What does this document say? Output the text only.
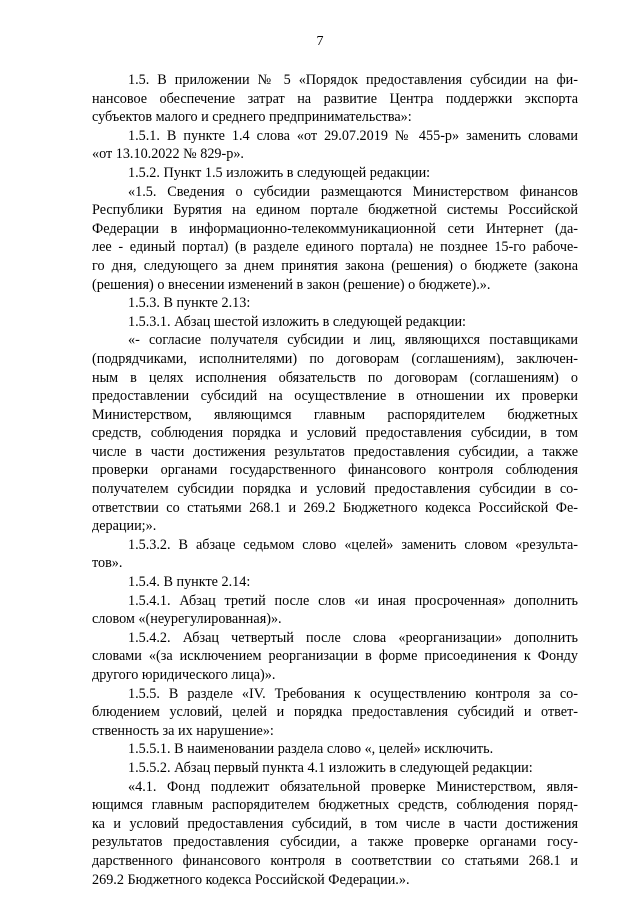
7
1.5. В приложении № 5 «Порядок предоставления субсидии на фи-
нансовое обеспечение затрат на развитие Центра поддержки экспорта
субъектов малого и среднего предпринимательства»:
1.5.1. В пункте 1.4 слова «от 29.07.2019 № 455-р» заменить словами
«от 13.10.2022 № 829-р».
1.5.2. Пункт 1.5 изложить в следующей редакции:
«1.5. Сведения о субсидии размещаются Министерством финансов
Республики Бурятия на едином портале бюджетной системы Российской
Федерации в информационно-телекоммуникационной сети Интернет (да-
лее - единый портал) (в разделе единого портала) не позднее 15-го рабоче-
го дня, следующего за днем принятия закона (решения) о бюджете (закона
(решения) о внесении изменений в закон (решение) о бюджете).».
1.5.3. В пункте 2.13:
1.5.3.1. Абзац шестой изложить в следующей редакции:
«- согласие получателя субсидии и лиц, являющихся поставщиками
(подрядчиками, исполнителями) по договорам (соглашениям), заключен-
ным в целях исполнения обязательств по договорам (соглашениям) о
предоставлении субсидий на осуществление в отношении их проверки
Министерством, являющимся главным распорядителем бюджетных
средств, соблюдения порядка и условий предоставления субсидии, в том
числе в части достижения результатов предоставления субсидии, а также
проверки органами государственного финансового контроля соблюдения
получателем субсидии порядка и условий предоставления субсидии в со-
ответствии со статьями 268.1 и 269.2 Бюджетного кодекса Российской Фе-
дерации;».
1.5.3.2. В абзаце седьмом слово «целей» заменить словом «результа-
тов».
1.5.4. В пункте 2.14:
1.5.4.1. Абзац третий после слов «и иная просроченная» дополнить
словом «(неурегулированная)».
1.5.4.2. Абзац четвертый после слова «реорганизации» дополнить
словами «(за исключением реорганизации в форме присоединения к Фонду
другого юридического лица)».
1.5.5. В разделе «IV. Требования к осуществлению контроля за со-
блюдением условий, целей и порядка предоставления субсидий и ответ-
ственность за их нарушение»:
1.5.5.1. В наименовании раздела слово «, целей» исключить.
1.5.5.2. Абзац первый пункта 4.1 изложить в следующей редакции:
«4.1. Фонд подлежит обязательной проверке Министерством, явля-
ющимся главным распорядителем бюджетных средств, соблюдения поряд-
ка и условий предоставления субсидий, в том числе в части достижения
результатов предоставления субсидии, а также проверке органами госу-
дарственного финансового контроля в соответствии со статьями 268.1 и
269.2 Бюджетного кодекса Российской Федерации.».
